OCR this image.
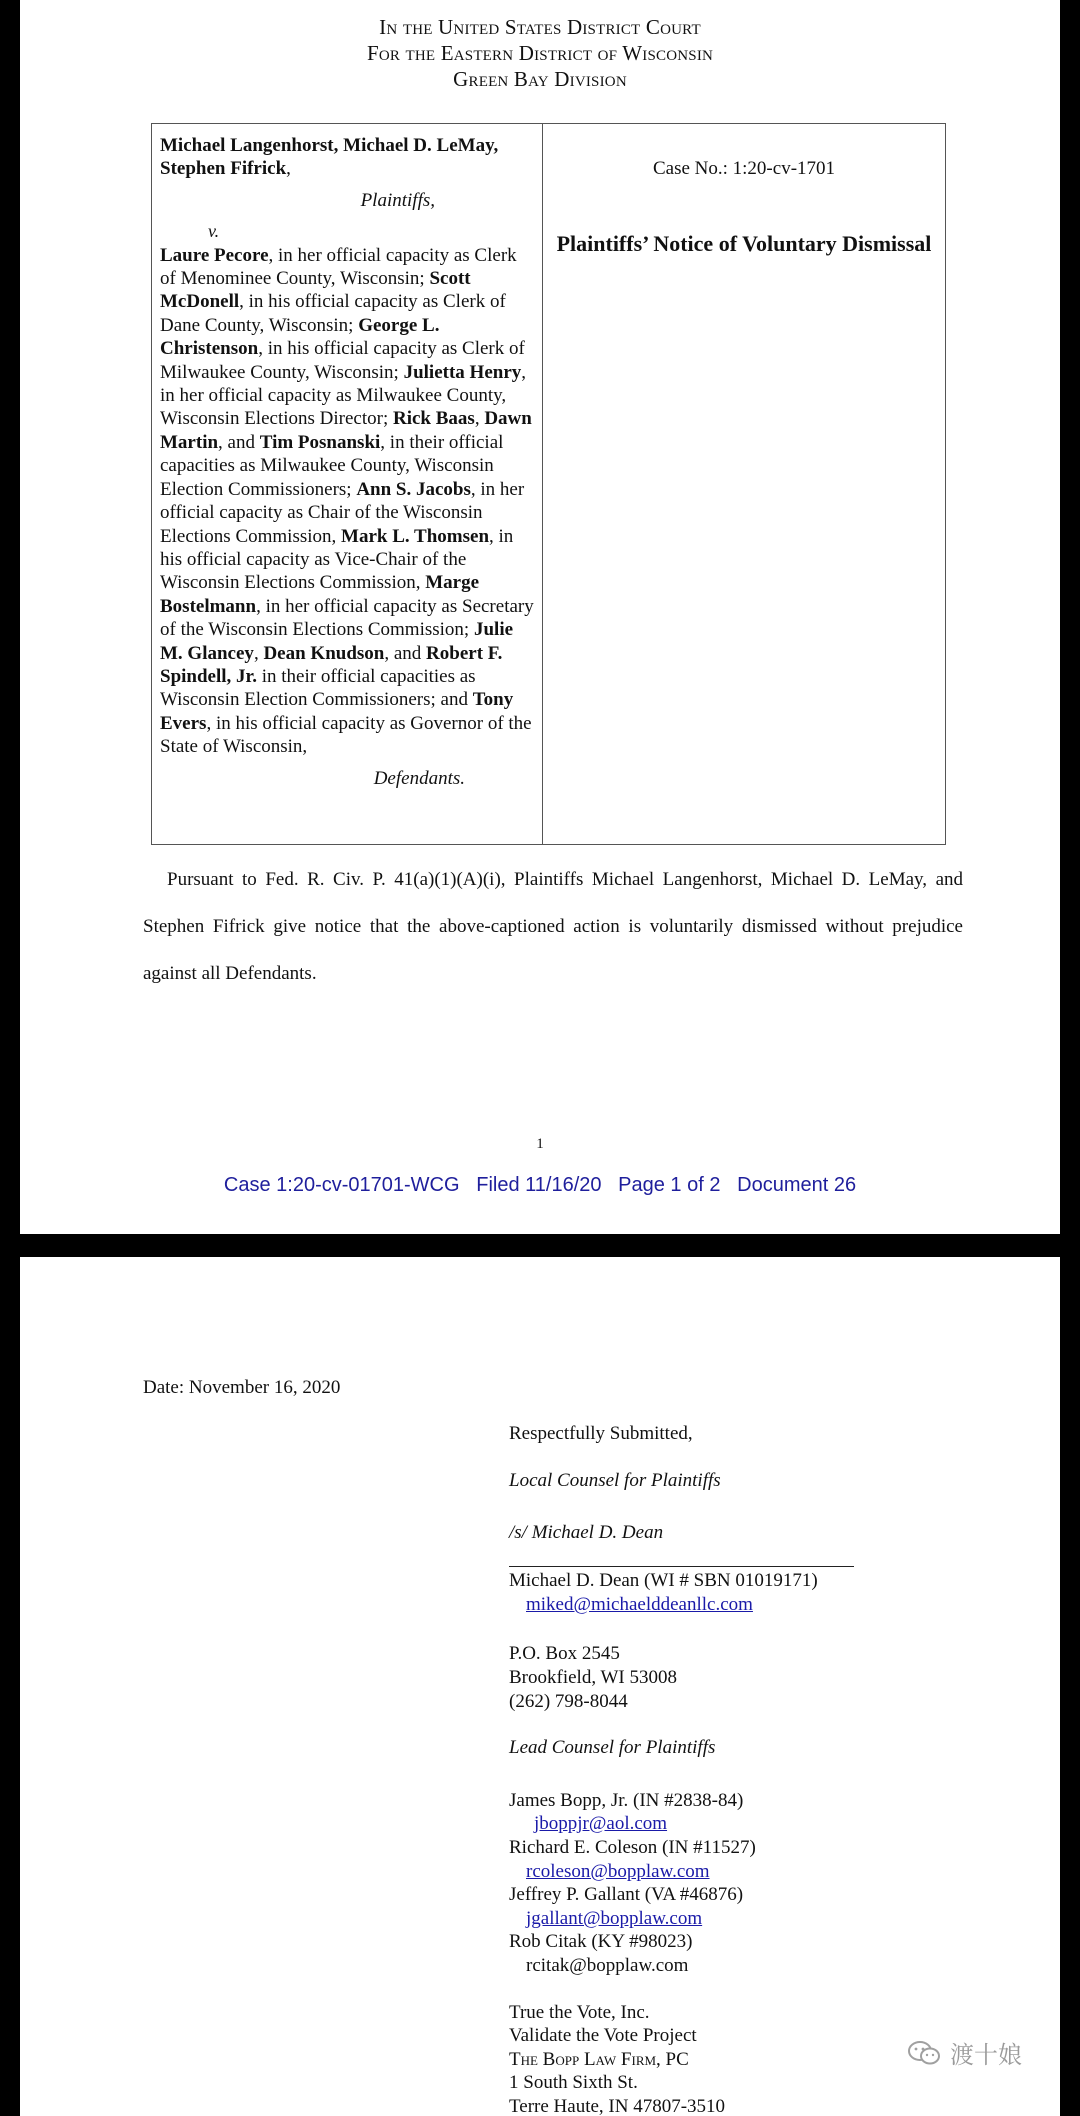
In the United States District Court
For the Eastern District of Wisconsin
Green Bay Division

Michael Langenhorst, Michael D. LeMay, Stephen Fifrick,

Plaintiffs,

v.

Laure Pecore, in her official capacity as Clerk of Menominee County, Wisconsin; Scott McDonell, in his official capacity as Clerk of Dane County, Wisconsin; George L. Christenson, in his official capacity as Clerk of Milwaukee County, Wisconsin; Julietta Henry, in her official capacity as Milwaukee County, Wisconsin Elections Director; Rick Baas, Dawn Martin, and Tim Posnanski, in their official capacities as Milwaukee County, Wisconsin Election Commissioners; Ann S. Jacobs, in her official capacity as Chair of the Wisconsin Elections Commission, Mark L. Thomsen, in his official capacity as Vice-Chair of the Wisconsin Elections Commission, Marge Bostelmann, in her official capacity as Secretary of the Wisconsin Elections Commission; Julie M. Glancey, Dean Knudson, and Robert F. Spindell, Jr. in their official capacities as Wisconsin Election Commissioners; and Tony Evers, in his official capacity as Governor of the State of Wisconsin,

Defendants.

Case No.: 1:20-cv-1701
Plaintiffs’ Notice of Voluntary Dismissal

Pursuant to Fed. R. Civ. P. 41(a)(1)(A)(i), Plaintiffs Michael Langenhorst, Michael D. LeMay, and Stephen Fifrick give notice that the above-captioned action is voluntarily dismissed without prejudice against all Defendants.

1
Case 1:20-cv-01701-WCG   Filed 11/16/20   Page 1 of 2   Document 26
Date: November 16, 2020
Respectfully Submitted,
Local Counsel for Plaintiffs
/s/ Michael D. Dean
Michael D. Dean (WI # SBN 01019171)
miked@michaelddeanllc.com
P.O. Box 2545
Brookfield, WI 53008
(262) 798-8044
Lead Counsel for Plaintiffs
James Bopp, Jr. (IN #2838-84)
jboppjr@aol.com
Richard E. Coleson (IN #11527)
rcoleson@bopplaw.com
Jeffrey P. Gallant (VA #46876)
jgallant@bopplaw.com
Rob Citak (KY #98023)
rcitak@bopplaw.com
True the Vote, Inc.
Validate the Vote Project
The Bopp Law Firm, PC
1 South Sixth St.
Terre Haute, IN 47807-3510
渡十娘
